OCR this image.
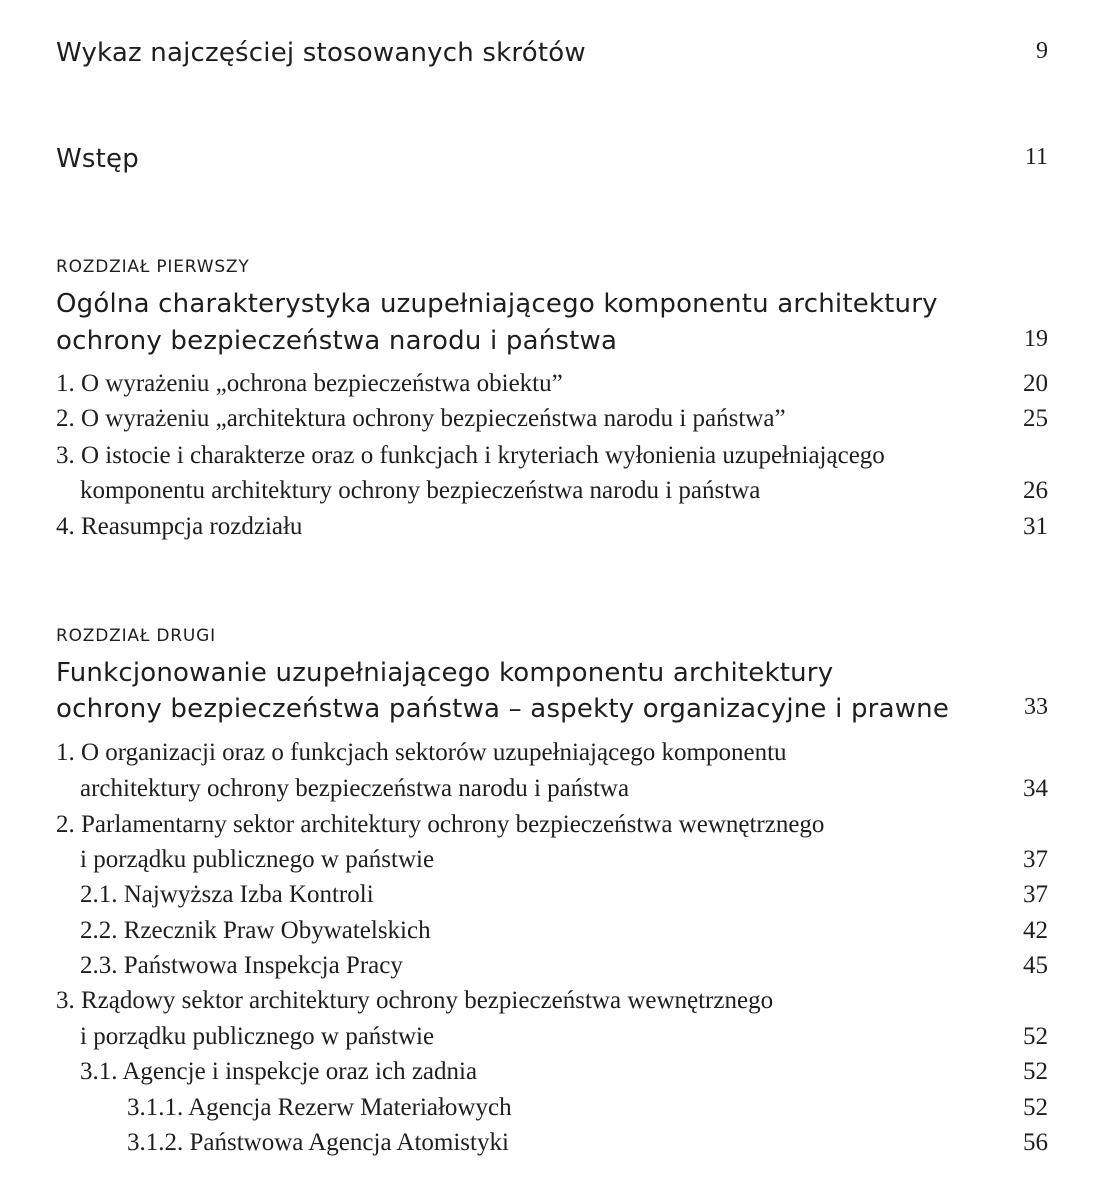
Wykaz najczęściej stosowanych skrótów	9
Wstęp	11
ROZDZIAŁ PIERWSZY
Ogólna charakterystyka uzupełniającego komponentu architektury
ochrony bezpieczeństwa narodu i państwa	19
1. O wyrażeniu „ochrona bezpieczeństwa obiektu”	20
2. O wyrażeniu „architektura ochrony bezpieczeństwa narodu i państwa”	25
3. O istocie i charakterze oraz o funkcjach i kryteriach wyłonienia uzupełniającego
komponentu architektury ochrony bezpieczeństwa narodu i państwa	26
4. Reasumpcja rozdziału	31
ROZDZIAŁ DRUGI
Funkcjonowanie uzupełniającego komponentu architektury
ochrony bezpieczeństwa państwa – aspekty organizacyjne i prawne	33
1. O organizacji oraz o funkcjach sektorów uzupełniającego komponentu
architektury ochrony bezpieczeństwa narodu i państwa	34
2. Parlamentarny sektor architektury ochrony bezpieczeństwa wewnętrznego
i porządku publicznego w państwie	37
2.1. Najwyższa Izba Kontroli	37
2.2. Rzecznik Praw Obywatelskich	42
2.3. Państwowa Inspekcja Pracy	45
3. Rządowy sektor architektury ochrony bezpieczeństwa wewnętrznego
i porządku publicznego w państwie	52
3.1. Agencje i inspekcje oraz ich zadnia	52
3.1.1. Agencja Rezerw Materiałowych	52
3.1.2. Państwowa Agencja Atomistyki	56
